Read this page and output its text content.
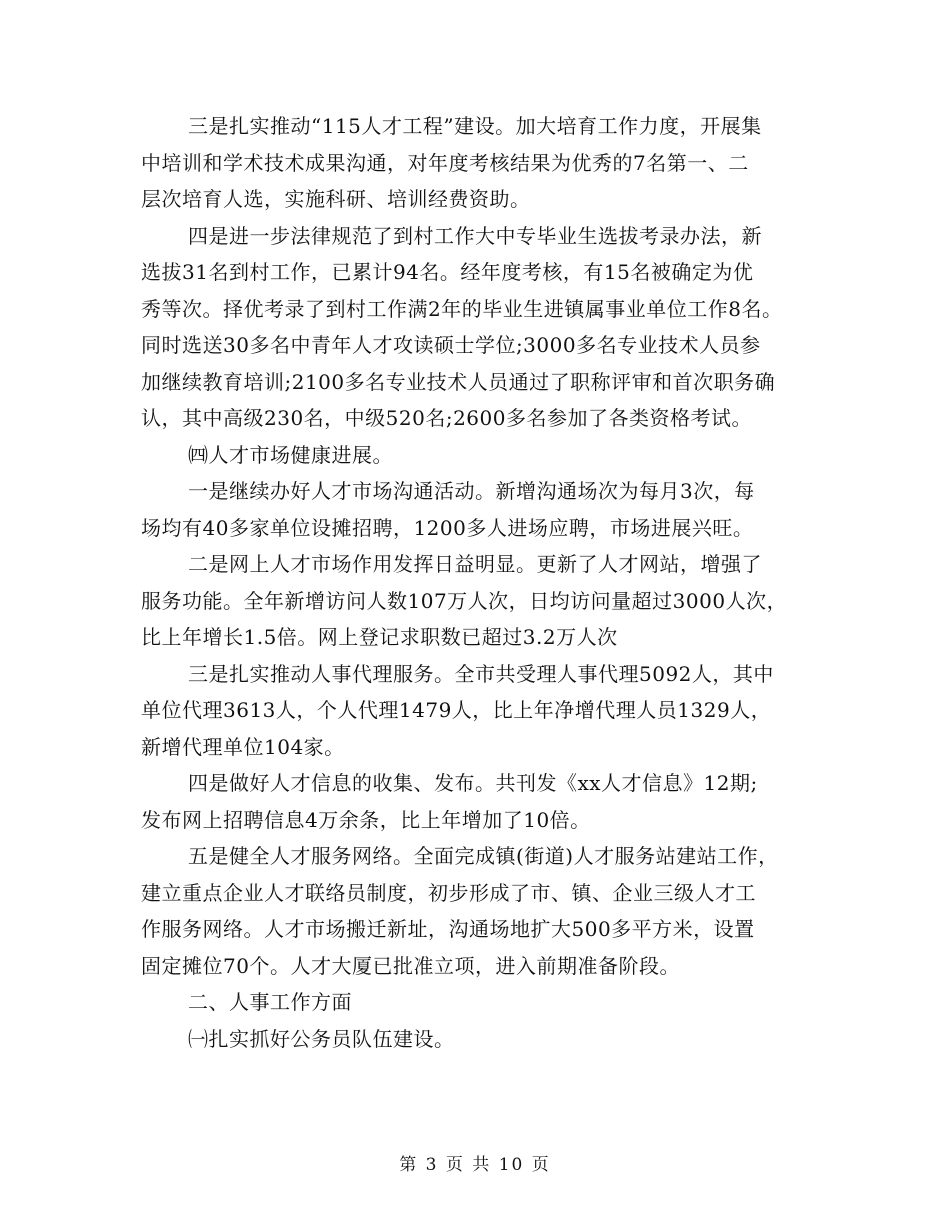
三是扎实推动“115人才工程”建设。加大培育工作力度，开展集
中培训和学术技术成果沟通，对年度考核结果为优秀的7名第一、二
层次培育人选，实施科研、培训经费资助。
四是进一步法律规范了到村工作大中专毕业生选拔考录办法，新
选拔31名到村工作，已累计94名。经年度考核，有15名被确定为优
秀等次。择优考录了到村工作满2年的毕业生进镇属事业单位工作8名。
同时选送30多名中青年人才攻读硕士学位;3000多名专业技术人员参
加继续教育培训;2100多名专业技术人员通过了职称评审和首次职务确
认，其中高级230名，中级520名;2600多名参加了各类资格考试。
㈣人才市场健康进展。
一是继续办好人才市场沟通活动。新增沟通场次为每月3次，每
场均有40多家单位设摊招聘，1200多人进场应聘，市场进展兴旺。
二是网上人才市场作用发挥日益明显。更新了人才网站，增强了
服务功能。全年新增访问人数107万人次，日均访问量超过3000人次，
比上年增长1.5倍。网上登记求职数已超过3.2万人次
三是扎实推动人事代理服务。全市共受理人事代理5092人，其中
单位代理3613人，个人代理1479人，比上年净增代理人员1329人，
新增代理单位104家。
四是做好人才信息的收集、发布。共刊发《xx人才信息》12期;
发布网上招聘信息4万余条，比上年增加了10倍。
五是健全人才服务网络。全面完成镇(街道)人才服务站建站工作，
建立重点企业人才联络员制度，初步形成了市、镇、企业三级人才工
作服务网络。人才市场搬迁新址，沟通场地扩大500多平方米，设置
固定摊位70个。人才大厦已批准立项，进入前期准备阶段。
二、人事工作方面
㈠扎实抓好公务员队伍建设。
第 3 页 共 10 页
